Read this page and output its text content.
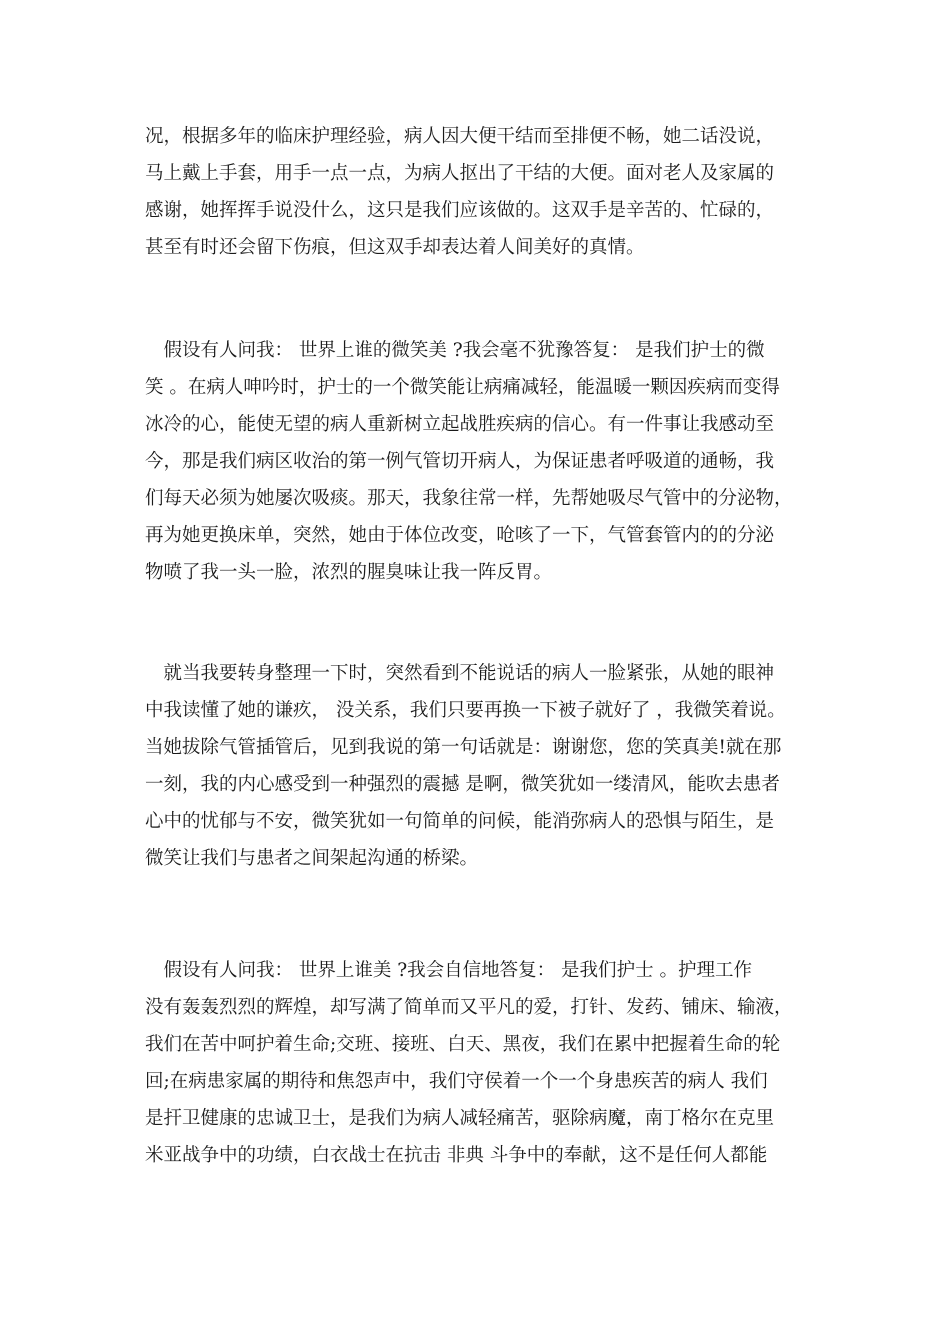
况，根据多年的临床护理经验，病人因大便干结而至排便不畅，她二话没说，
马上戴上手套，用手一点一点，为病人抠出了干结的大便。面对老人及家属的
感谢，她挥挥手说没什么，这只是我们应该做的。这双手是辛苦的、忙碌的，
甚至有时还会留下伤痕，但这双手却表达着人间美好的真情。
　假设有人问我： 世界上谁的微笑美 ?我会毫不犹豫答复： 是我们护士的微
笑 。在病人呻吟时，护士的一个微笑能让病痛减轻，能温暖一颗因疾病而变得
冰冷的心，能使无望的病人重新树立起战胜疾病的信心。有一件事让我感动至
今，那是我们病区收治的第一例气管切开病人，为保证患者呼吸道的通畅，我
们每天必须为她屡次吸痰。那天，我象往常一样，先帮她吸尽气管中的分泌物，
再为她更换床单，突然，她由于体位改变，呛咳了一下，气管套管内的的分泌
物喷了我一头一脸，浓烈的腥臭味让我一阵反胃。
　就当我要转身整理一下时，突然看到不能说话的病人一脸紧张，从她的眼神
中我读懂了她的谦疚， 没关系，我们只要再换一下被子就好了 ，我微笑着说。
当她拔除气管插管后，见到我说的第一句话就是：谢谢您，您的笑真美!就在那
一刻，我的内心感受到一种强烈的震撼 是啊，微笑犹如一缕清风，能吹去患者
心中的忧郁与不安，微笑犹如一句简单的问候，能消弥病人的恐惧与陌生，是
微笑让我们与患者之间架起沟通的桥梁。
　假设有人问我： 世界上谁美 ?我会自信地答复： 是我们护士 。护理工作
没有轰轰烈烈的辉煌，却写满了简单而又平凡的爱，打针、发药、铺床、输液，
我们在苦中呵护着生命;交班、接班、白天、黑夜，我们在累中把握着生命的轮
回;在病患家属的期待和焦怨声中，我们守侯着一个一个身患疾苦的病人 我们
是扞卫健康的忠诚卫士，是我们为病人减轻痛苦，驱除病魔，南丁格尔在克里
米亚战争中的功绩，白衣战士在抗击 非典 斗争中的奉献，这不是任何人都能
